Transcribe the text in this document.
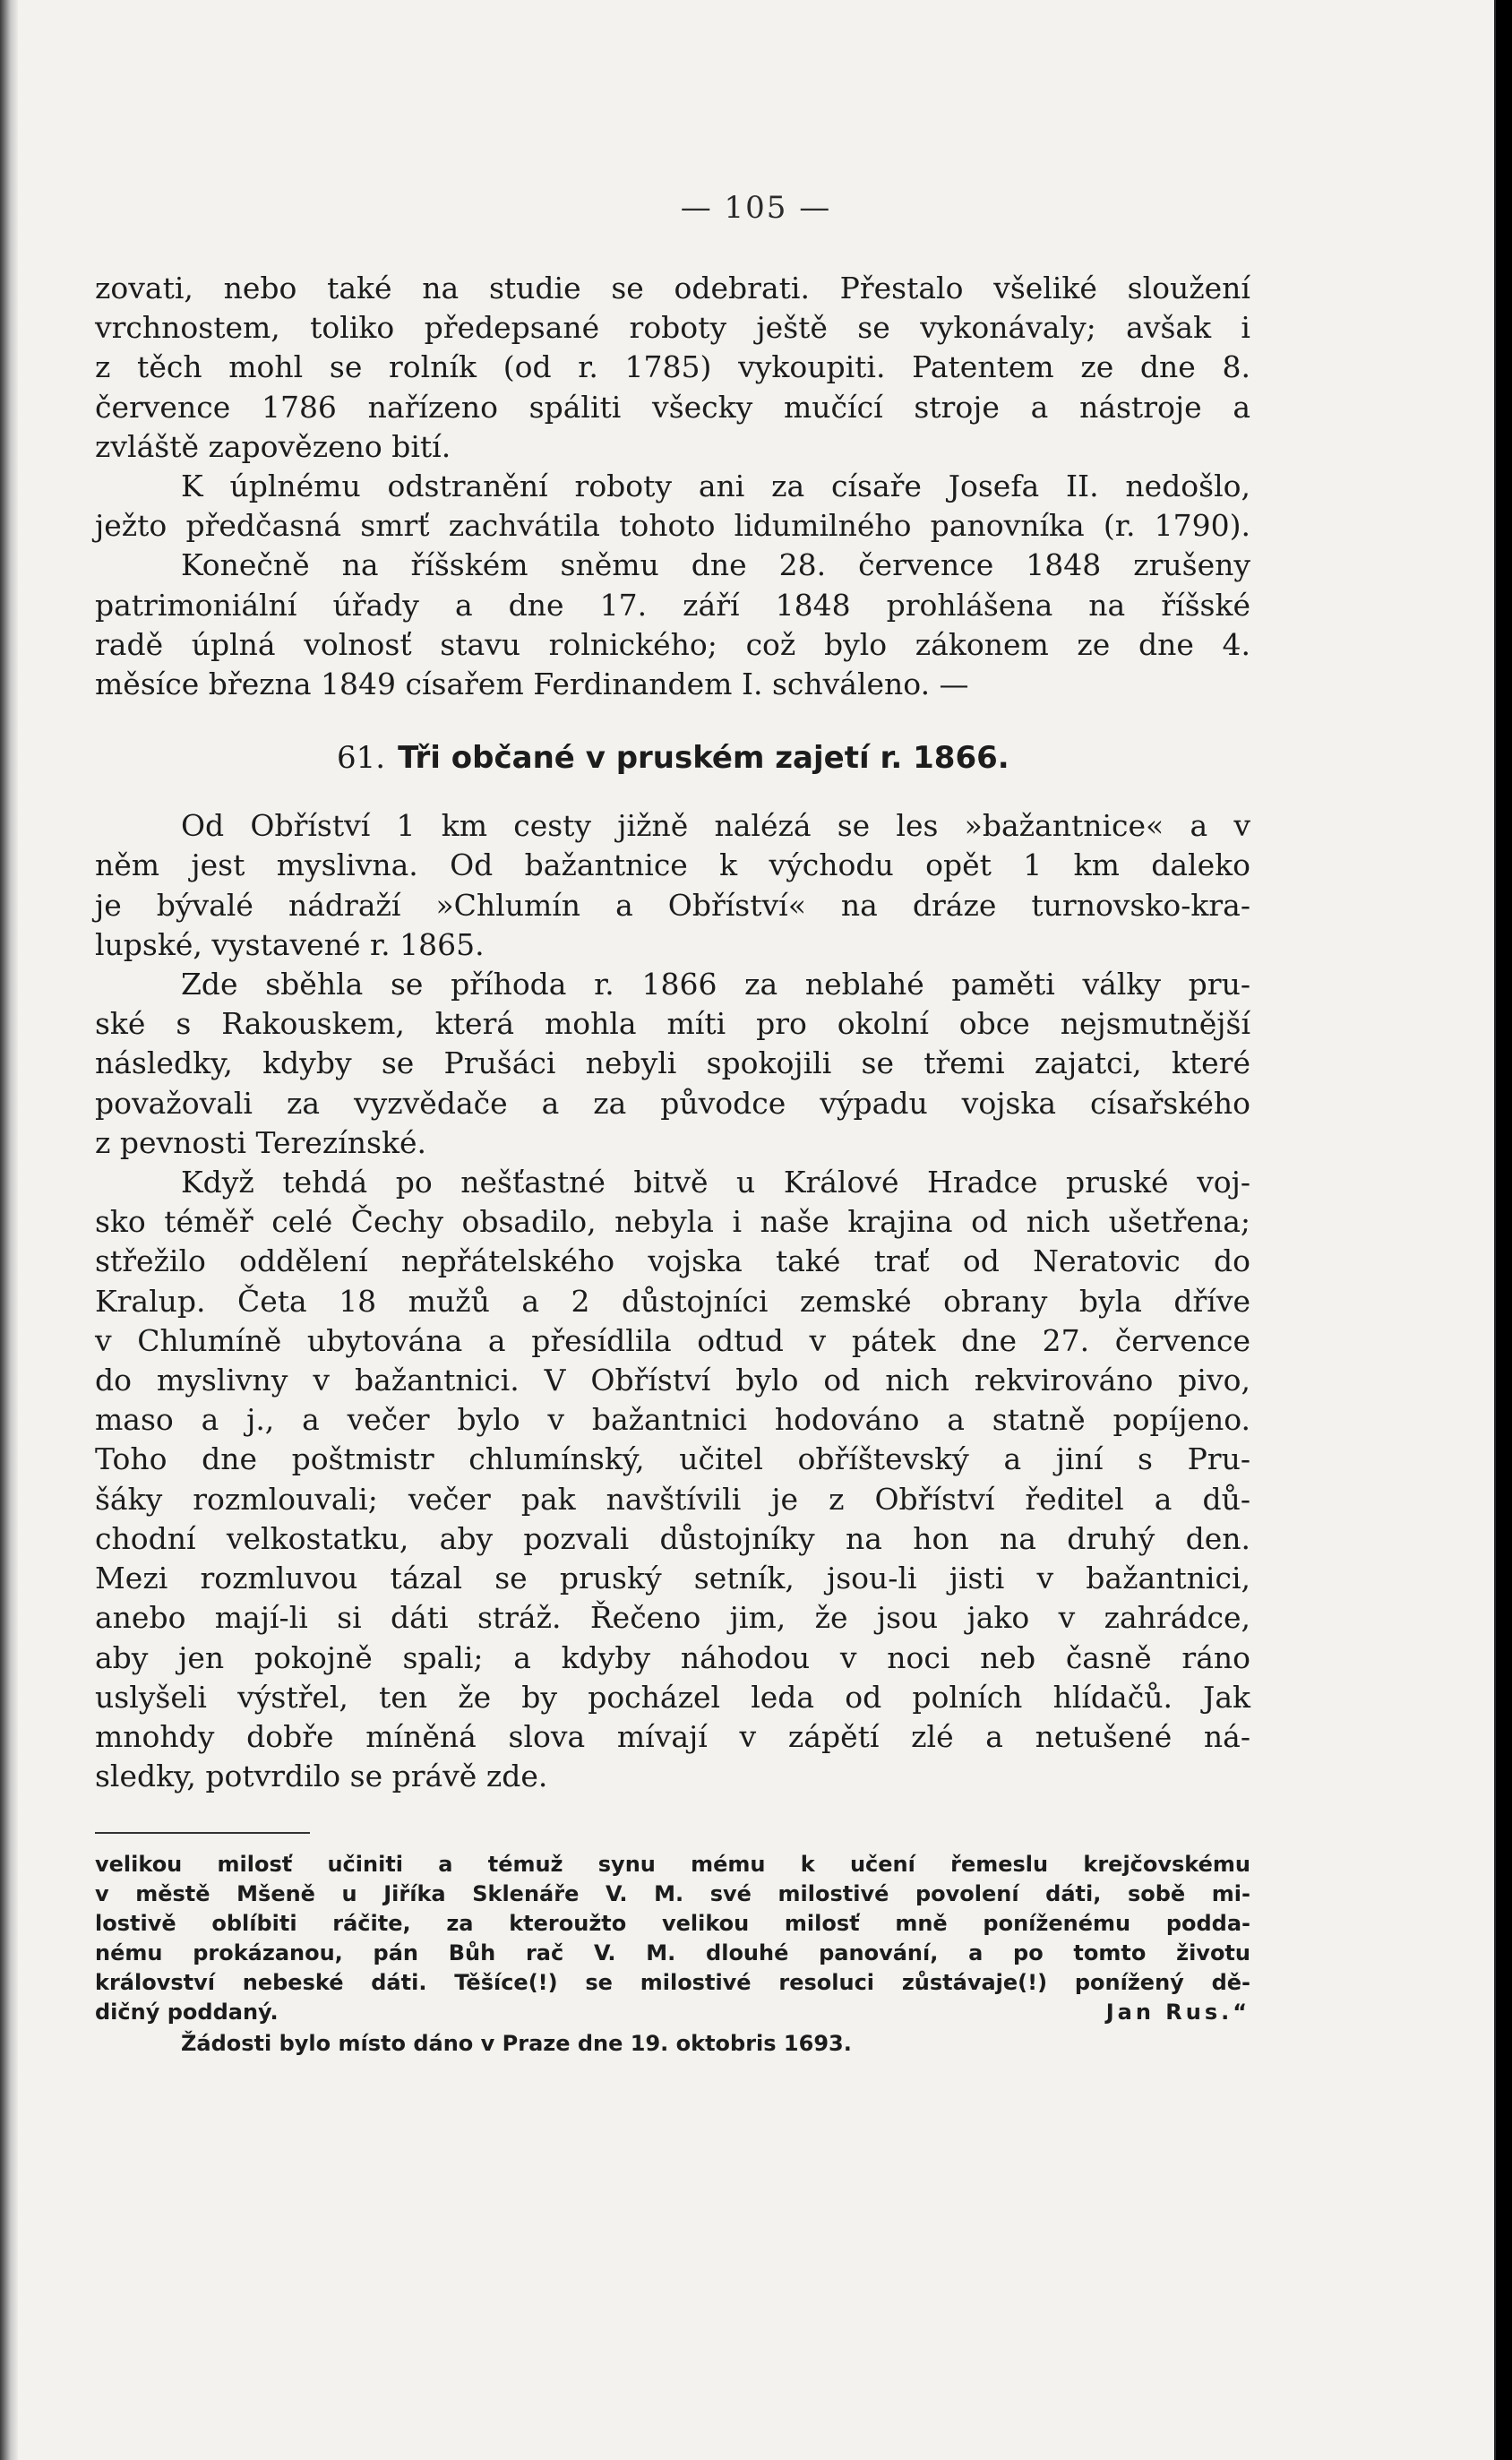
— 105 —

zovati, nebo také na studie se odebrati. Přestalo všeliké sloužení
vrchnostem, toliko předepsané roboty ještě se vykonávaly; avšak i
z těch mohl se rolník (od r. 1785) vykoupiti. Patentem ze dne 8.
července 1786 nařízeno spáliti všecky mučící stroje a nástroje a
zvláště zapovězeno bití.

K úplnému odstranění roboty ani za císaře Josefa II. nedošlo,
ježto předčasná smrť zachvátila tohoto lidumilného panovníka (r. 1790).
Konečně na říšském sněmu dne 28. července 1848 zrušeny
patrimoniální úřady a dne 17. září 1848 prohlášena na říšské
radě úplná volnosť stavu rolnického; což bylo zákonem ze dne 4.
měsíce března 1849 císařem Ferdinandem I. schváleno. —

61. Tři občané v pruském zajetí r. 1866.

Od Obříství 1 km cesty jižně nalézá se les »bažantnice« a v
něm jest myslivna. Od bažantnice k východu opět 1 km daleko
je bývalé nádraží »Chlumín a Obříství« na dráze turnovsko-kra-
lupské, vystavené r. 1865.

Zde sběhla se příhoda r. 1866 za neblahé paměti války pru-
ské s Rakouskem, která mohla míti pro okolní obce nejsmutnější
následky, kdyby se Prušáci nebyli spokojili se třemi zajatci, které
považovali za vyzvědače a za původce výpadu vojska císařského
z pevnosti Terezínské.

Když tehdá po nešťastné bitvě u Králové Hradce pruské voj-
sko téměř celé Čechy obsadilo, nebyla i naše krajina od nich ušetřena;
střežilo oddělení nepřátelského vojska také trať od Neratovic do
Kralup. Četa 18 mužů a 2 důstojníci zemské obrany byla dříve
v Chlumíně ubytována a přesídlila odtud v pátek dne 27. července
do myslivny v bažantnici. V Obříství bylo od nich rekvirováno pivo,
maso a j., a večer bylo v bažantnici hodováno a statně popíjeno.
Toho dne poštmistr chlumínský, učitel obříštevský a jiní s Pru-
šáky rozmlouvali; večer pak navštívili je z Obříství ředitel a dů-
chodní velkostatku, aby pozvali důstojníky na hon na druhý den.
Mezi rozmluvou tázal se pruský setník, jsou-li jisti v bažantnici,
anebo mají-li si dáti stráž. Řečeno jim, že jsou jako v zahrádce,
aby jen pokojně spali; a kdyby náhodou v noci neb časně ráno
uslyšeli výstřel, ten že by pocházel leda od polních hlídačů. Jak
mnohdy dobře míněná slova mívají v zápětí zlé a netušené ná-
sledky, potvrdilo se právě zde.

velikou milosť učiniti a témuž synu mému k učení řemeslu krejčovskému
v městě Mšeně u Jiříka Sklenáře V. M. své milostivé povolení dáti, sobě mi-
lostivě oblíbiti ráčite, za kteroužto velikou milosť mně poníženému podda-
nému prokázanou, pán Bůh rač V. M. dlouhé panování, a po tomto životu
království nebeské dáti. Těšíce(!) se milostivé resoluci zůstávaje(!) ponížený dě-
dičný poddaný.	Jan Rus.“
Žádosti bylo místo dáno v Praze dne 19. oktobris 1693.
